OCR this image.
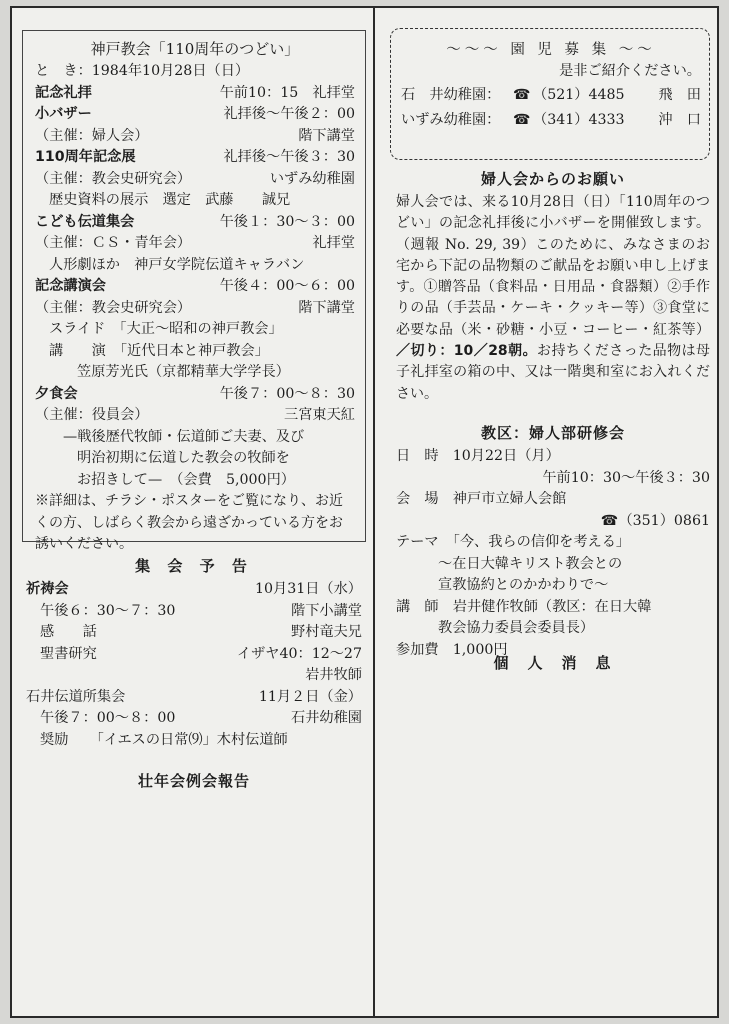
神戸教会「110周年のつどい」
と　き：1984年10月28日（日）
記念礼拝	午前10：15　礼拝堂
小バザー	礼拝後〜午後２：00
（主催：婦人会）	階下講堂
110周年記念展	礼拝後〜午後３：30
（主催：教会史研究会）	いずみ幼稚園
歴史資料の展示　選定　武藤　　誠兄
こども伝道集会	午後１：30〜３：00
（主催：ＣＳ・青年会）	礼拝堂
人形劇ほか　神戸女学院伝道キャラバン
記念講演会	午後４：00〜６：00
（主催：教会史研究会）	階下講堂
スライド　「大正〜昭和の神戸教会」
講　　演　「近代日本と神戸教会」
笠原芳光氏（京都精華大学学長）
夕食会	午後７：00〜８：30
（主催：役員会）	三宮東天紅
—戦後歴代牧師・伝道師ご夫妻、及び
明治初期に伝道した教会の牧師を
お招きして—　（会費　5,000円）
※詳細は、チラシ・ポスターをご覧になり、お近くの方、しばらく教会から遠ざかっている方をお誘いください。
集 会 予 告
祈祷会	10月31日（水）
午後６：30〜７：30	階下小講堂
感　　話	野村竜夫兄
聖書研究	イザヤ40：12〜27
岩井牧師
石井伝道所集会	11月２日（金）
午後７：00〜８：00	石井幼稚園
奨励　　「イエスの日常⑼」木村伝道師
壮年会例会報告
〜〜〜 園 児 募 集 〜〜
是非ご紹介ください。
石　井幼稚園： ☎ （521）4485 飛　田
いずみ幼稚園： ☎ （341）4333 沖　口
婦人会からのお願い
婦人会では、来る10月28日（日）「110周年のつどい」の記念礼拝後に小バザーを開催致します。（週報 No. 29, 39）このために、みなさまのお宅から下記の品物類のご献品をお願い申し上げます。①贈答品（食料品・日用品・食器類）②手作りの品（手芸品・ケーキ・クッキー等）③食堂に必要な品（米・砂糖・小豆・コーヒー・紅茶等）／切り：10／28朝。お持ちくださった品物は母子礼拝室の箱の中、又は一階奥和室にお入れください。
教区：婦人部研修会
日　時　10月22日（月）
午前10：30〜午後３：30
会　場　神戸市立婦人会館
☎（351）0861
テーマ　「今、我らの信仰を考える」
〜在日大韓キリスト教会との
宣教協約とのかかわりで〜
講　師　岩井健作牧師（教区：在日大韓
教会協力委員会委員長）
参加費　1,000円
個　人　消　息
